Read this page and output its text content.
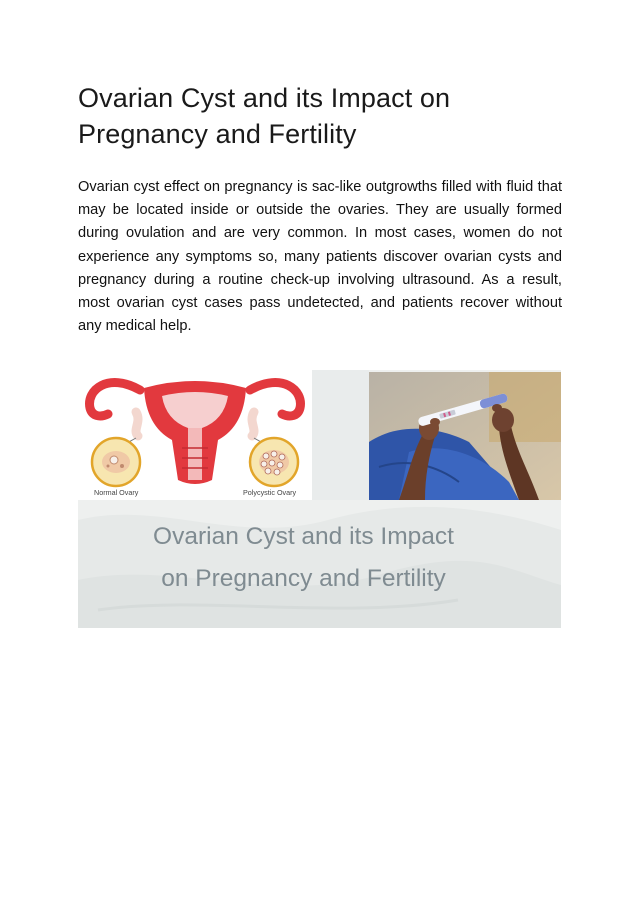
Ovarian Cyst and its Impact on Pregnancy and Fertility

Ovarian cyst effect on pregnancy is sac-like outgrowths filled with fluid that may be located inside or outside the ovaries. They are usually formed during ovulation and are very common. In most cases, women do not experience any symptoms so, many patients discover ovarian cysts and pregnancy during a routine check-up involving ultrasound. As a result, most ovarian cyst cases pass undetected, and patients recover without any medical help.

Normal Ovary	Polycystic Ovary
Ovarian Cyst and its Impact
on Pregnancy and Fertility
